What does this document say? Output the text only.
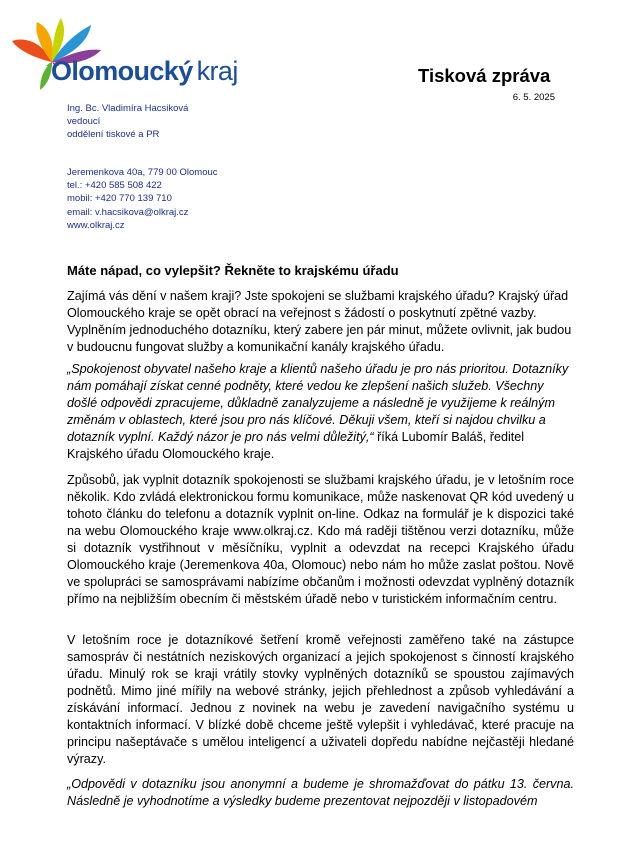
Olomoucký kraj	Tisková zpráva
6. 5. 2025
Ing. Bc. Vladimíra Hacsiková
vedoucí
oddělení tiskové a PR
Jeremenkova 40a, 779 00 Olomouc
tel.: +420 585 508 422
mobil: +420 770 139 710
email: v.hacsikova@olkraj.cz
www.olkraj.cz
Máte nápad, co vylepšit? Řekněte to krajskému úřadu

Zajímá vás dění v našem kraji? Jste spokojeni se službami krajského úřadu? Krajský úřad Olomouckého kraje se opět obrací na veřejnost s žádostí o poskytnutí zpětné vazby. Vyplněním jednoduchého dotazníku, který zabere jen pár minut, můžete ovlivnit, jak budou v budoucnu fungovat služby a komunikační kanály krajského úřadu.

„Spokojenost obyvatel našeho kraje a klientů našeho úřadu je pro nás prioritou. Dotazníky nám pomáhají získat cenné podněty, které vedou ke zlepšení našich služeb. Všechny došlé odpovědi zpracujeme, důkladně zanalyzujeme a následně je využijeme k reálným změnám v oblastech, které jsou pro nás klíčové. Děkuji všem, kteří si najdou chvilku a dotazník vyplní. Každý názor je pro nás velmi důležitý,“ říká Lubomír Baláš, ředitel Krajského úřadu Olomouckého kraje.

Způsobů, jak vyplnit dotazník spokojenosti se službami krajského úřadu, je v letošním roce několik. Kdo zvládá elektronickou formu komunikace, může naskenovat QR kód uvedený u tohoto článku do telefonu a dotazník vyplnit on-line. Odkaz na formulář je k dispozici také na webu Olomouckého kraje www.olkraj.cz. Kdo má raději tištěnou verzi dotazníku, může si dotazník vystřihnout v měsíčníku, vyplnit a odevzdat na recepci Krajského úřadu Olomouckého kraje (Jeremenkova 40a, Olomouc) nebo nám ho může zaslat poštou. Nově ve spolupráci se samosprávami nabízíme občanům i možnosti odevzdat vyplněný dotazník přímo na nejbližším obecním či městském úřadě nebo v turistickém informačním centru.

V letošním roce je dotazníkové šetření kromě veřejnosti zaměřeno také na zástupce samospráv či nestátních neziskových organizací a jejich spokojenost s činností krajského úřadu. Minulý rok se kraji vrátily stovky vyplněných dotazníků se spoustou zajímavých podnětů. Mimo jiné mířily na webové stránky, jejich přehlednost a způsob vyhledávání a získávání informací. Jednou z novinek na webu je zavedení navigačního systému u kontaktních informací. V blízké době chceme ještě vylepšit i vyhledávač, které pracuje na principu našeptávače s umělou inteligencí a uživateli dopředu nabídne nejčastěji hledané výrazy.

„Odpovědi v dotazníku jsou anonymní a budeme je shromažďovat do pátku 13. června. Následně je vyhodnotíme a výsledky budeme prezentovat nejpozději v listopadovém
